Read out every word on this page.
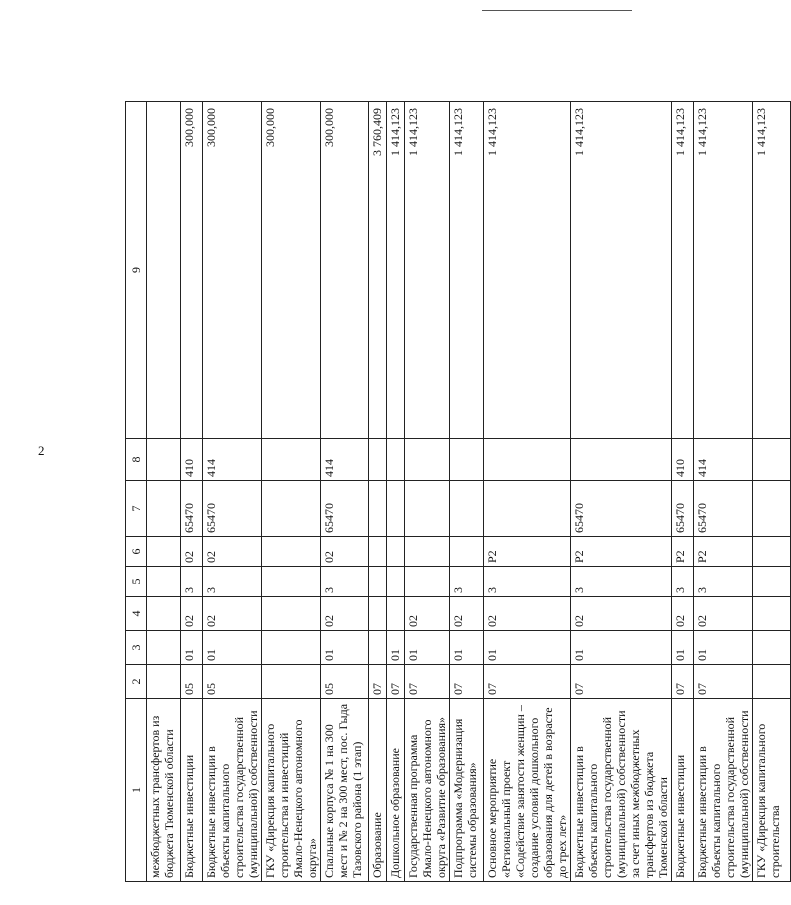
2
1	2	3	4	5	6	7	8	9
межбюджетных трансфертов из бюджета Тюменской области								
Бюджетные инвестиции	05	01	02	3	02	65470	410	300,000
Бюджетные инвестиции в объекты капитального строительства государственной (муниципальной) собственности	05	01	02	3	02	65470	414	300,000
ГКУ «Дирекция капитального строительства и инвестиций Ямало-Ненецкого автономного округа»								300,000
Спальные корпуса № 1 на 300 мест и № 2 на 300 мест, пос. Гыда Тазовского района (1 этап)	05	01	02	3	02	65470	414	300,000
Образование	07							3 760,409
Дошкольное образование	07	01						1 414,123
Государственная программа Ямало-Ненецкого автономного округа «Развитие образования»	07	01	02					1 414,123
Подпрограмма «Модернизация системы образования»	07	01	02	3				1 414,123
Основное мероприятие «Региональный проект «Содействие занятости женщин – создание условий дошкольного образования для детей в возрасте до трех лет»	07	01	02	3	P2			1 414,123
Бюджетные инвестиции в объекты капитального строительства государственной (муниципальной) собственности за счет иных межбюджетных трансфертов из бюджета Тюменской области	07	01	02	3	P2	65470		1 414,123
Бюджетные инвестиции	07	01	02	3	P2	65470	410	1 414,123
Бюджетные инвестиции в объекты капитального строительства государственной (муниципальной) собственности	07	01	02	3	P2	65470	414	1 414,123
ГКУ «Дирекция капитального строительства								1 414,123
